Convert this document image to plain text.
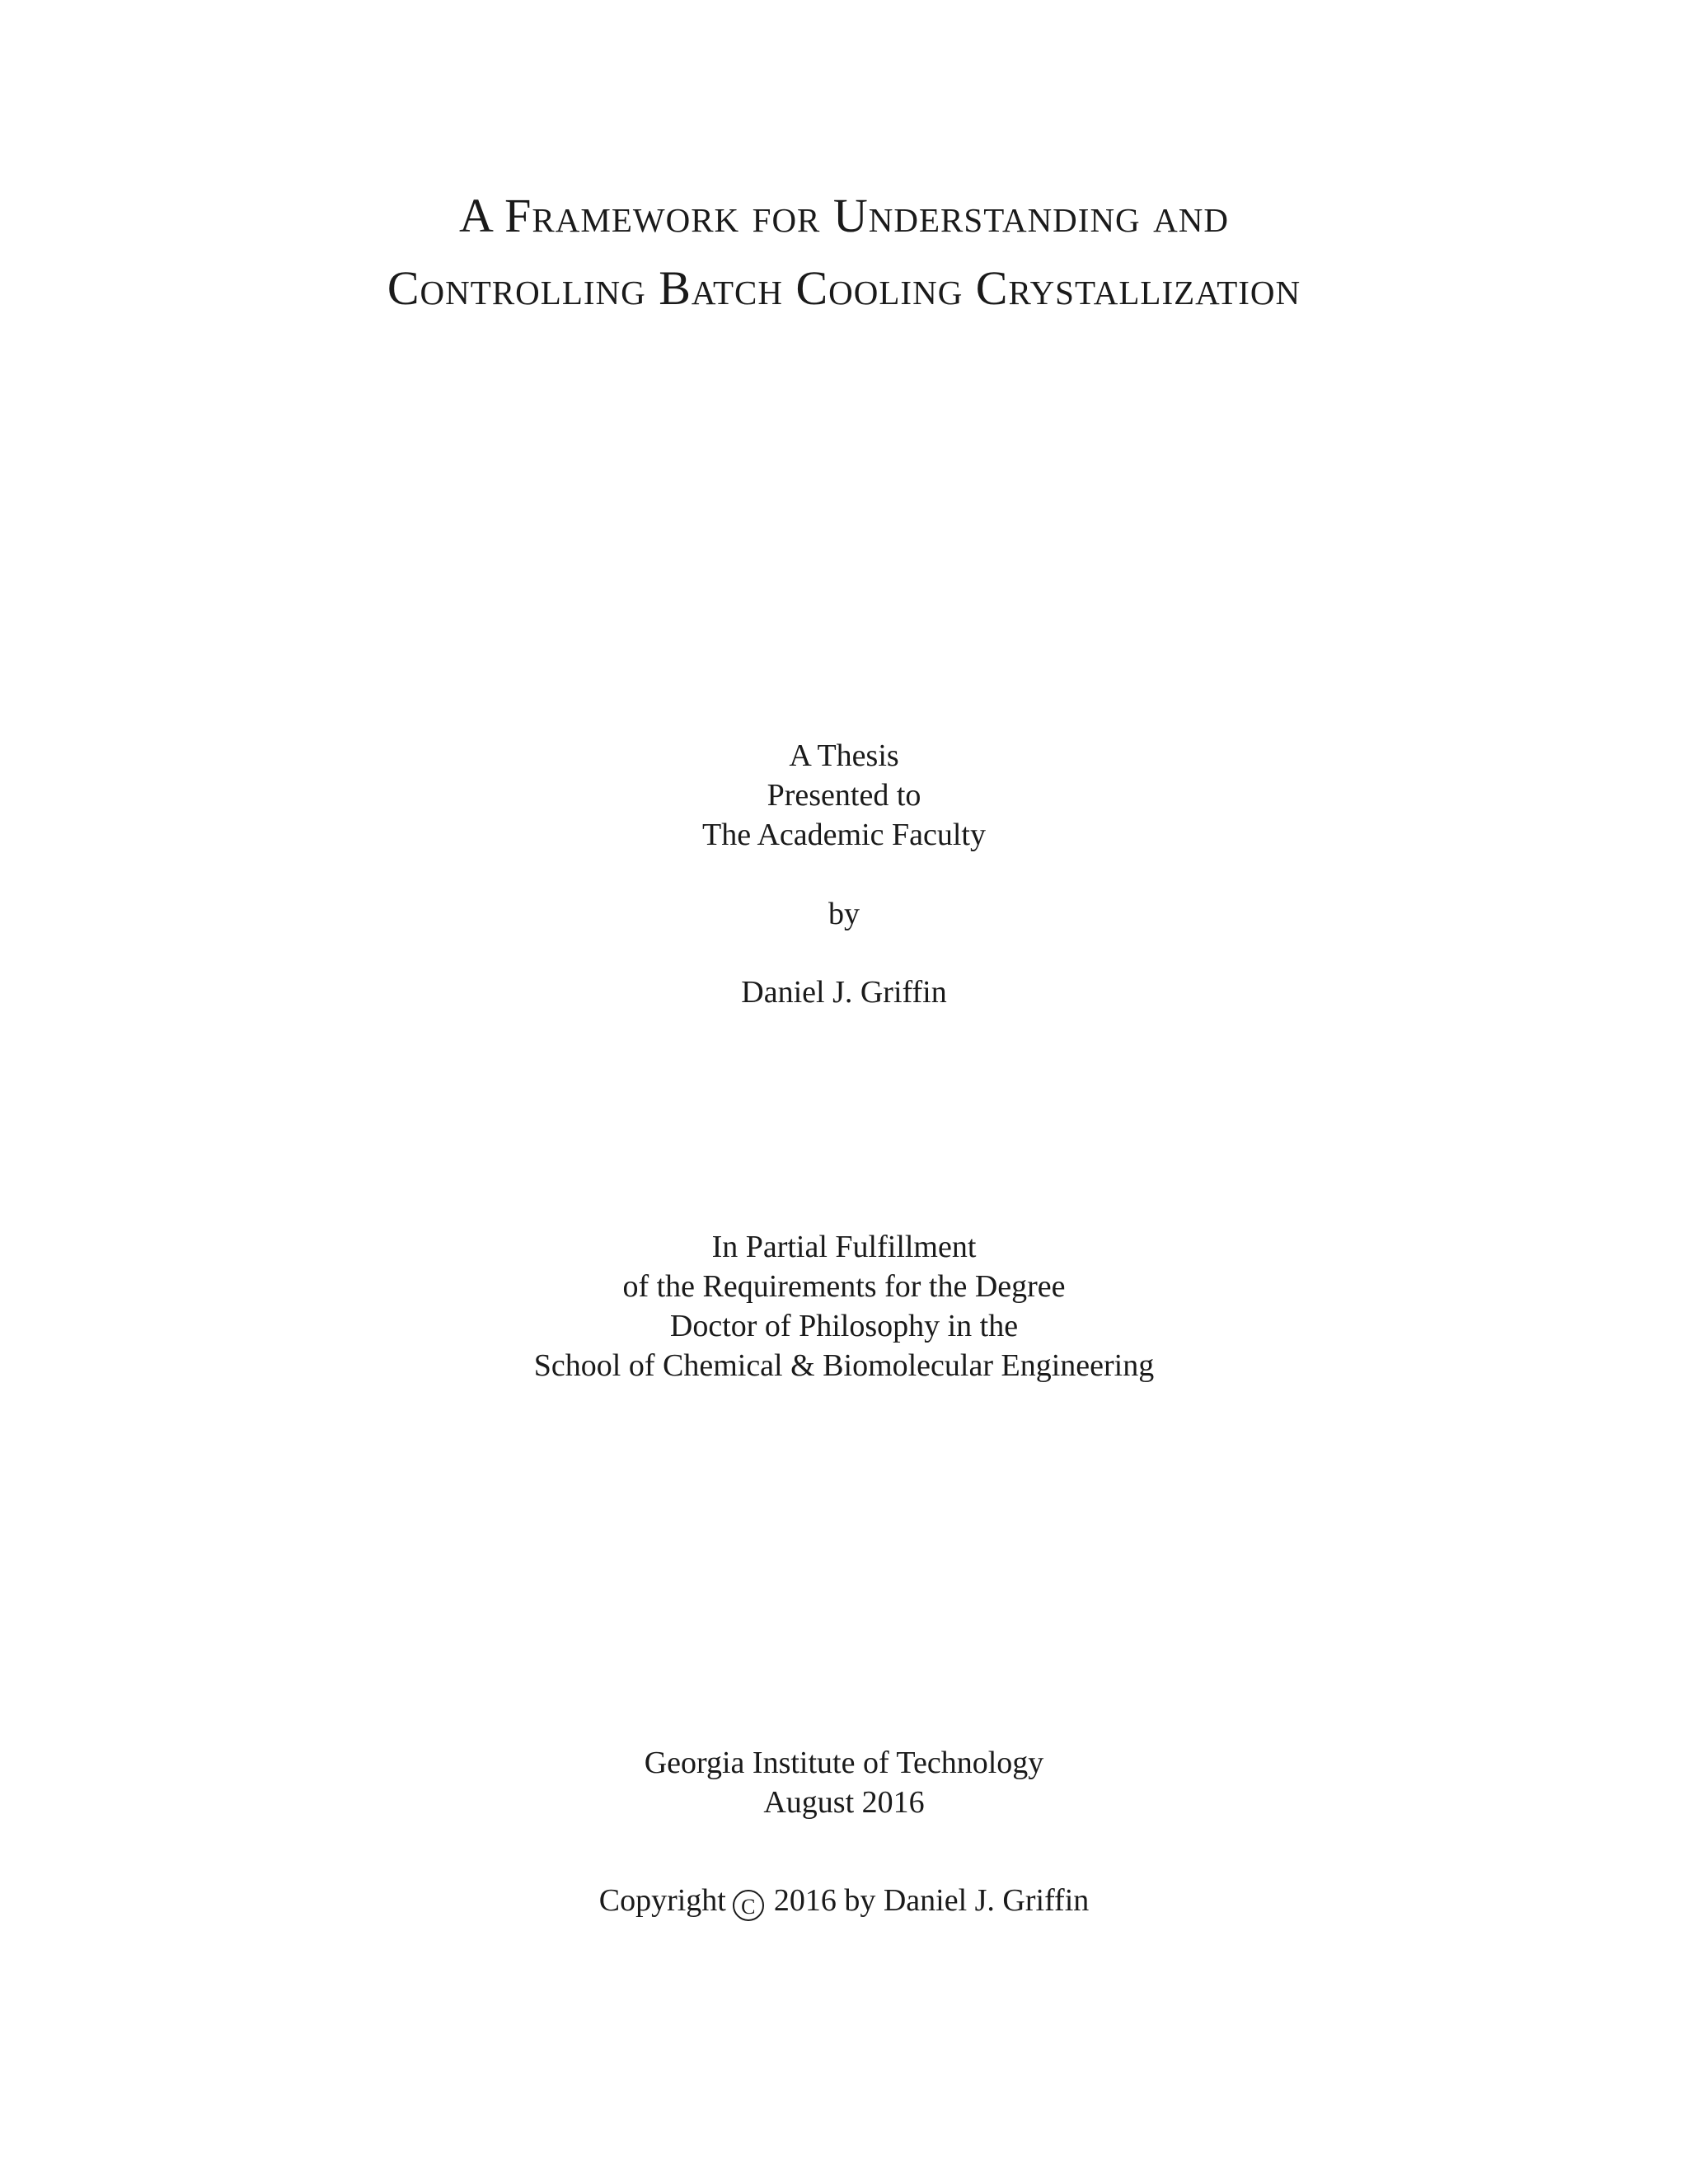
A Framework for Understanding and
Controlling Batch Cooling Crystallization
A Thesis
Presented to
The Academic Faculty
by
Daniel J. Griffin
In Partial Fulfillment
of the Requirements for the Degree
Doctor of Philosophy in the
School of Chemical & Biomolecular Engineering
Georgia Institute of Technology
August 2016
Copyright C 2016 by Daniel J. Griffin
